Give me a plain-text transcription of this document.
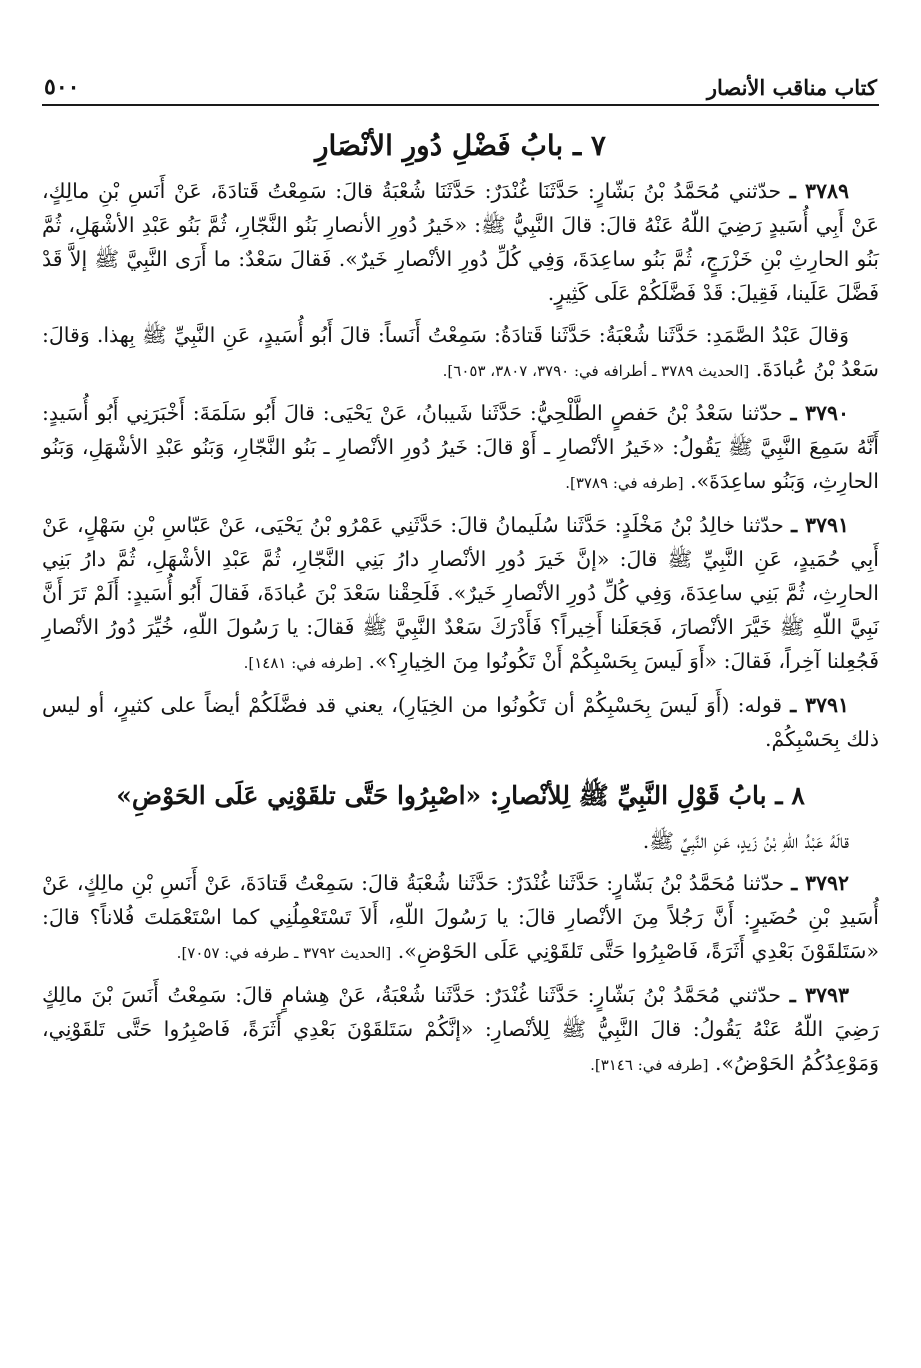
كتاب مناقب الأنصار
٥٠٠
٧ ـ بابُ فَضْلِ دُورِ الأنْصَارِ

٣٧٨٩ ـ حدّثني مُحَمَّدُ بْنُ بَشّارٍ: حَدَّثَنَا غُنْدَرٌ: حَدَّثَنَا شُعْبَةُ قالَ: سَمِعْتُ قَتادَةَ، عَنْ أَنَسِ بْنِ مالِكٍ، عَنْ أَبِي أُسَيدٍ رَضِيَ اللّهُ عَنْهُ قالَ: قالَ النَّبِيُّ ﷺ: «خَيرُ دُورِ الأنصارِ بَنُو النَّجّارِ، ثُمَّ بَنُو عَبْدِ الأشْهَلِ، ثُمَّ بَنُو الحارِثِ بْنِ خَزْرَجٍ، ثُمَّ بَنُو ساعِدَةَ، وَفِي كُلِّ دُورِ الأنْصارِ خَيرٌ». فَقالَ سَعْدٌ: ما أَرَى النَّبِيَّ ﷺ إلاَّ قَدْ فَضَّلَ عَلَينا، فَقِيلَ: قَدْ فَضَّلَكُمْ عَلَى كَثِيرٍ.

وَقالَ عَبْدُ الصَّمَدِ: حَدَّثَنا شُعْبَةُ: حَدَّثَنا قَتادَةُ: سَمِعْتُ أَنَساً: قالَ أَبُو أُسَيدٍ، عَنِ النَّبِيِّ ﷺ بِهذا. وَقالَ: سَعْدُ بْنُ عُبادَةَ. [الحديث ٣٧٨٩ ـ أطرافه في: ٣٧٩٠، ٣٨٠٧، ٦٠٥٣].

٣٧٩٠ ـ حدّثنا سَعْدُ بْنُ حَفصٍ الطَّلْحِيُّ: حَدَّثَنا شَيبانُ، عَنْ يَحْيَى: قالَ أَبُو سَلَمَةَ: أَخْبَرَنِي أَبُو أُسَيدٍ: أَنَّهُ سَمِعَ النَّبِيَّ ﷺ يَقُولُ: «خَيرُ الأنْصارِ ـ أَوْ قالَ: خَيرُ دُورِ الأنْصارِ ـ بَنُو النَّجّارِ، وَبَنُو عَبْدِ الأشْهَلِ، وَبَنُو الحارِثِ، وَبَنُو ساعِدَةَ». [طرفه في: ٣٧٨٩].

٣٧٩١ ـ حدّثنا خالِدُ بْنُ مَخْلَدٍ: حَدَّثَنا سُلَيمانُ قالَ: حَدَّثَنِي عَمْرُو بْنُ يَحْيَى، عَنْ عَبّاسِ بْنِ سَهْلٍ، عَنْ أَبِي حُمَيدٍ، عَنِ النَّبِيِّ ﷺ قالَ: «إنَّ خَيرَ دُورِ الأنْصارِ دارُ بَنِي النَّجّارِ، ثُمَّ عَبْدِ الأشْهَلِ، ثُمَّ دارُ بَنِي الحارِثِ، ثُمَّ بَنِي ساعِدَةَ، وَفِي كُلِّ دُورِ الأنْصارِ خَيرٌ». فَلَحِقْنا سَعْدَ بْنَ عُبادَةَ، فَقالَ أَبُو أُسَيدٍ: أَلَمْ تَرَ أَنَّ نَبِيَّ اللّهِ ﷺ خَيَّرَ الأنْصارَ، فَجَعَلَنا أَخِيراً؟ فَأَدْرَكَ سَعْدٌ النَّبِيَّ ﷺ فَقالَ: يا رَسُولَ اللّهِ، خُيِّرَ دُورُ الأنْصارِ فَجُعِلنا آخِراً، فَقالَ: «أَوَ لَيسَ بِحَسْبِكُمْ أَنْ تَكُونُوا مِنَ الخِيارِ؟». [طرفه في: ١٤٨١].

٣٧٩١ ـ قوله: (أَوَ لَيسَ بِحَسْبِكُمْ أن تَكُونُوا من الخِيَارِ)، يعني قد فضَّلَكُمْ أيضاً على كثيرٍ، أو ليس ذلك بِحَسْبِكُمْ.

٨ ـ بابُ قَوْلِ النَّبِيِّ ﷺ لِلأنْصارِ: «اصْبِرُوا حَتَّى تلقَوْنِي عَلَى الحَوْضِ»

قالَهُ عَبْدُ اللّهِ بْنُ زَيدٍ، عَنِ النَّبِيِّ ﷺ.

٣٧٩٢ ـ حدّثنا مُحَمَّدُ بْنُ بَشّارٍ: حَدَّثَنا غُنْدَرٌ: حَدَّثَنا شُعْبَةُ قالَ: سَمِعْتُ قَتادَةَ، عَنْ أَنَسِ بْنِ مالِكٍ، عَنْ أُسَيدِ بْنِ حُضَيرٍ: أَنَّ رَجُلاً مِنَ الأنْصارِ قالَ: يا رَسُولَ اللّهِ، أَلاَ تَسْتَعْمِلُنِي كما اسْتَعْمَلتَ فُلاناً؟ قالَ: «سَتَلقَوْنَ بَعْدِي أَثَرَةً، فَاصْبِرُوا حَتَّى تَلقَوْنِي عَلَى الحَوْضِ». [الحديث ٣٧٩٢ ـ طرفه في: ٧٠٥٧].

٣٧٩٣ ـ حدّثني مُحَمَّدُ بْنُ بَشّارٍ: حَدَّثَنا غُنْدَرٌ: حَدَّثَنا شُعْبَةُ، عَنْ هِشامٍ قالَ: سَمِعْتُ أَنَسَ بْنَ مالِكٍ رَضِيَ اللّهُ عَنْهُ يَقُولُ: قالَ النَّبِيُّ ﷺ لِلأنْصارِ: «إنَّكُمْ سَتَلقَوْنَ بَعْدِي أَثَرَةً، فَاصْبِرُوا حَتَّى تَلقَوْنِي، وَمَوْعِدُكُمُ الحَوْضُ». [طرفه في: ٣١٤٦].
